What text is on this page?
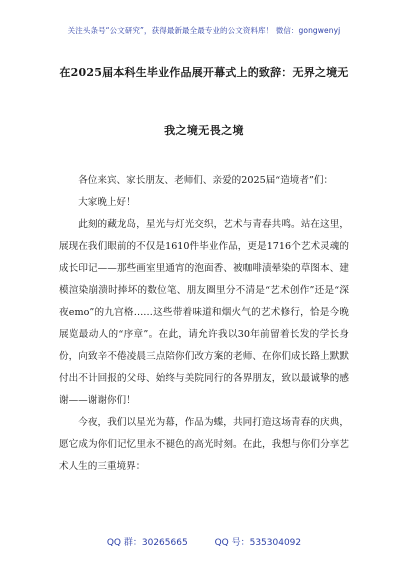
关注头条号“公文研究”，获得最新最全最专业的公文资料库！ 微信：gongwenyj
在2025届本科生毕业作品展开幕式上的致辞：无界之境无
我之境无畏之境

各位来宾、家长朋友、老师们、亲爱的2025届“造境者”们：

大家晚上好！

此刻的藏龙岛，星光与灯光交织，艺术与青春共鸣。站在这里，展现在我们眼前的不仅是1610件毕业作品，更是1716个艺术灵魂的成长印记——那些画室里通宵的泡面香、被咖啡渍晕染的草图本、建模渲染崩溃时捧坏的数位笔、朋友圈里分不清是“艺术创作”还是“深夜emo”的九宫格……这些带着味道和烟火气的艺术修行，恰是今晚展览最动人的“序章”。在此，请允许我以30年前留着长发的学长身份，向致辛不倦凌晨三点陪你们改方案的老师、在你们成长路上默默付出不计回报的父母、始终与美院同行的各界朋友，致以最诚挚的感谢——谢谢你们！

今夜，我们以星光为幕，作品为蝶，共同打造这场青春的庆典，愿它成为你们记忆里永不褪色的高光时刻。在此，我想与你们分享艺术人生的三重境界：

QQ 群：30265665	QQ 号：535304092
